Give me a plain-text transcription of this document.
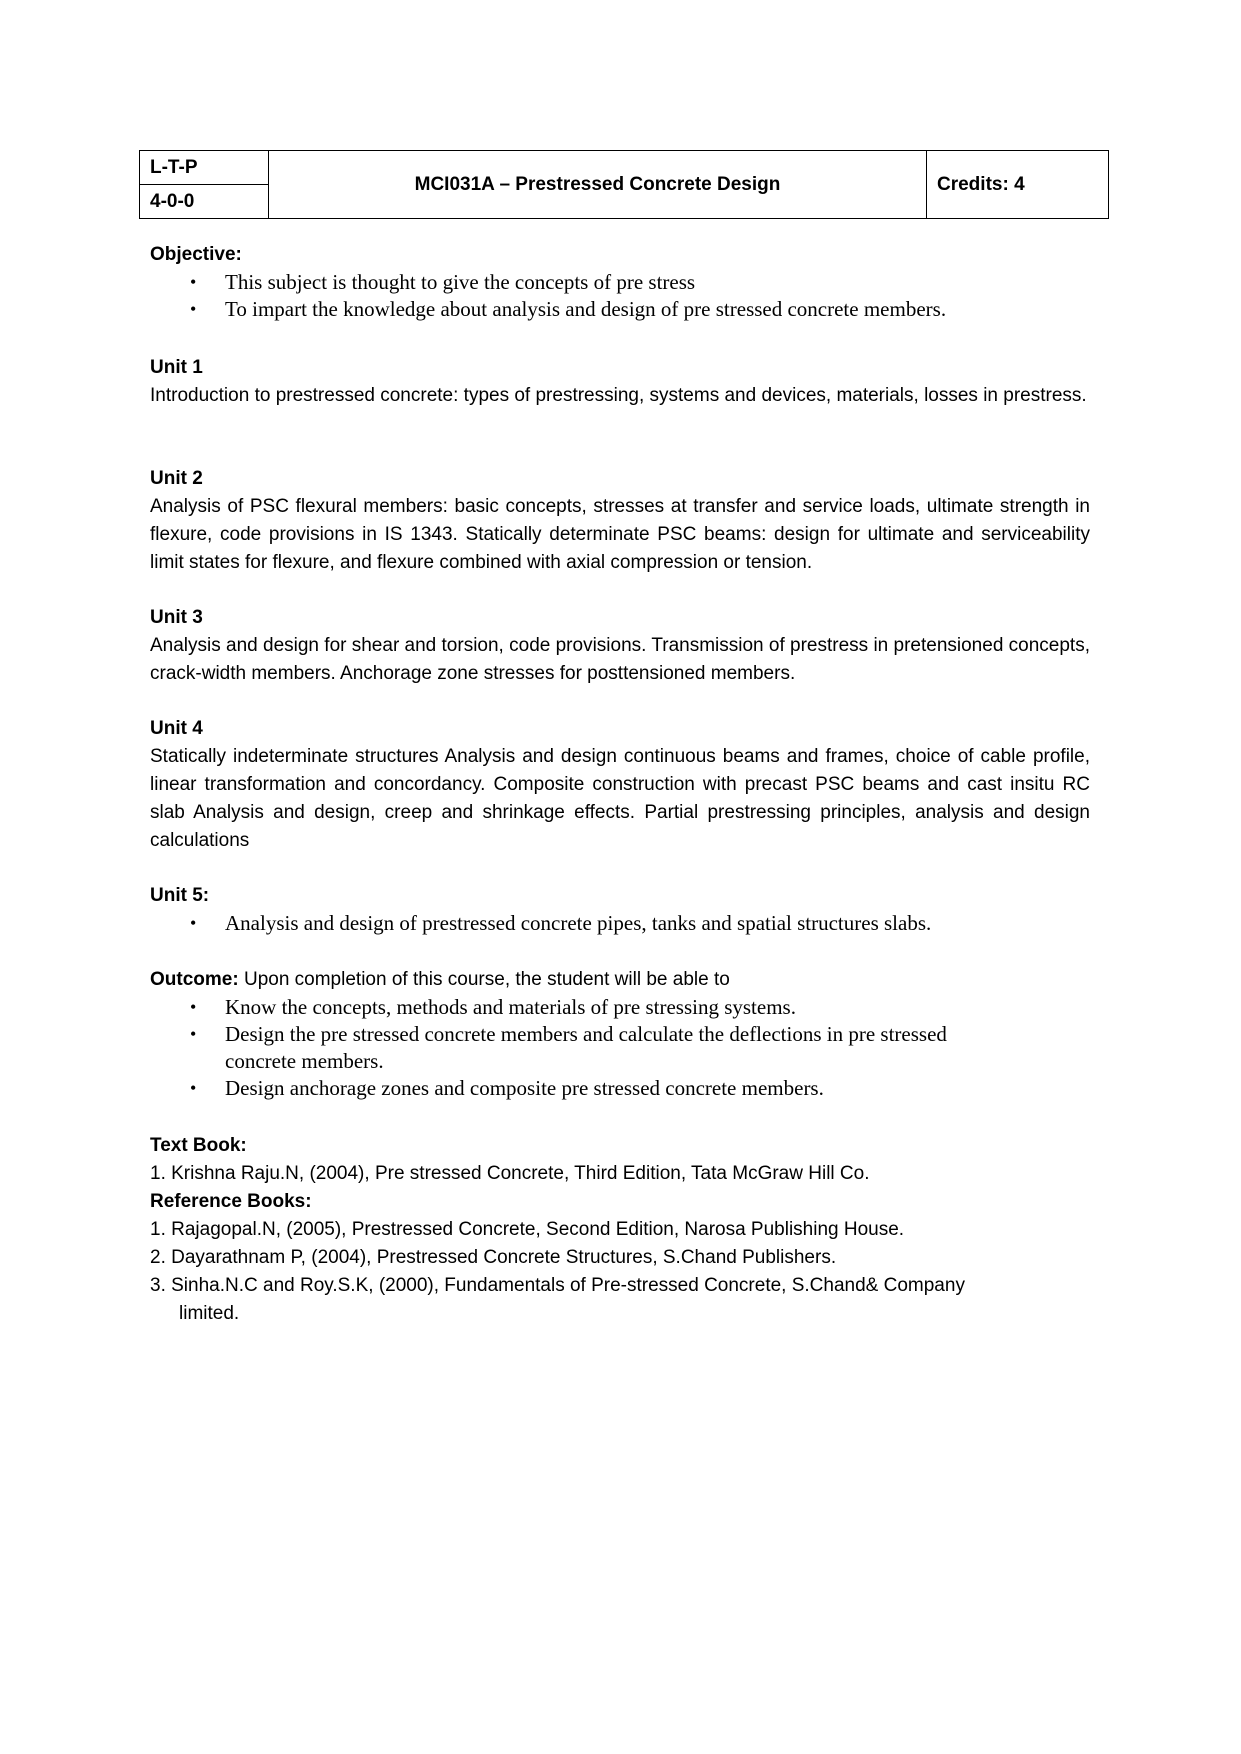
L-T-P	MCI031A – Prestressed Concrete Design	Credits: 4
4-0-0

Objective:

• This subject is thought to give the concepts of pre stress
• To impart the knowledge about analysis and design of pre stressed concrete members.

Unit 1

Introduction to prestressed concrete: types of prestressing, systems and devices, materials, losses in prestress.

Unit 2

Analysis of PSC flexural members: basic concepts, stresses at transfer and service loads, ultimate strength in flexure, code provisions in IS 1343. Statically determinate PSC beams: design for ultimate and serviceability limit states for flexure, and flexure combined with axial compression or tension.

Unit 3

Analysis and design for shear and torsion, code provisions. Transmission of prestress in pretensioned concepts, crack-width members. Anchorage zone stresses for posttensioned members.

Unit 4

Statically indeterminate structures Analysis and design continuous beams and frames, choice of cable profile, linear transformation and concordancy. Composite construction with precast PSC beams and cast insitu RC slab Analysis and design, creep and shrinkage effects. Partial prestressing principles, analysis and design calculations

Unit 5:

• Analysis and design of prestressed concrete pipes, tanks and spatial structures slabs.

Outcome: Upon completion of this course, the student will be able to

• Know the concepts, methods and materials of pre stressing systems.
• Design the pre stressed concrete members and calculate the deflections in pre stressed concrete members.
• Design anchorage zones and composite pre stressed concrete members.

Text Book:

1. Krishna Raju.N, (2004), Pre stressed Concrete, Third Edition, Tata McGraw Hill Co.

Reference Books:

1. Rajagopal.N, (2005), Prestressed Concrete, Second Edition, Narosa Publishing House.

2. Dayarathnam P, (2004), Prestressed Concrete Structures, S.Chand Publishers.

3. Sinha.N.C and Roy.S.K, (2000), Fundamentals of Pre-stressed Concrete, S.Chand& Company

limited.
